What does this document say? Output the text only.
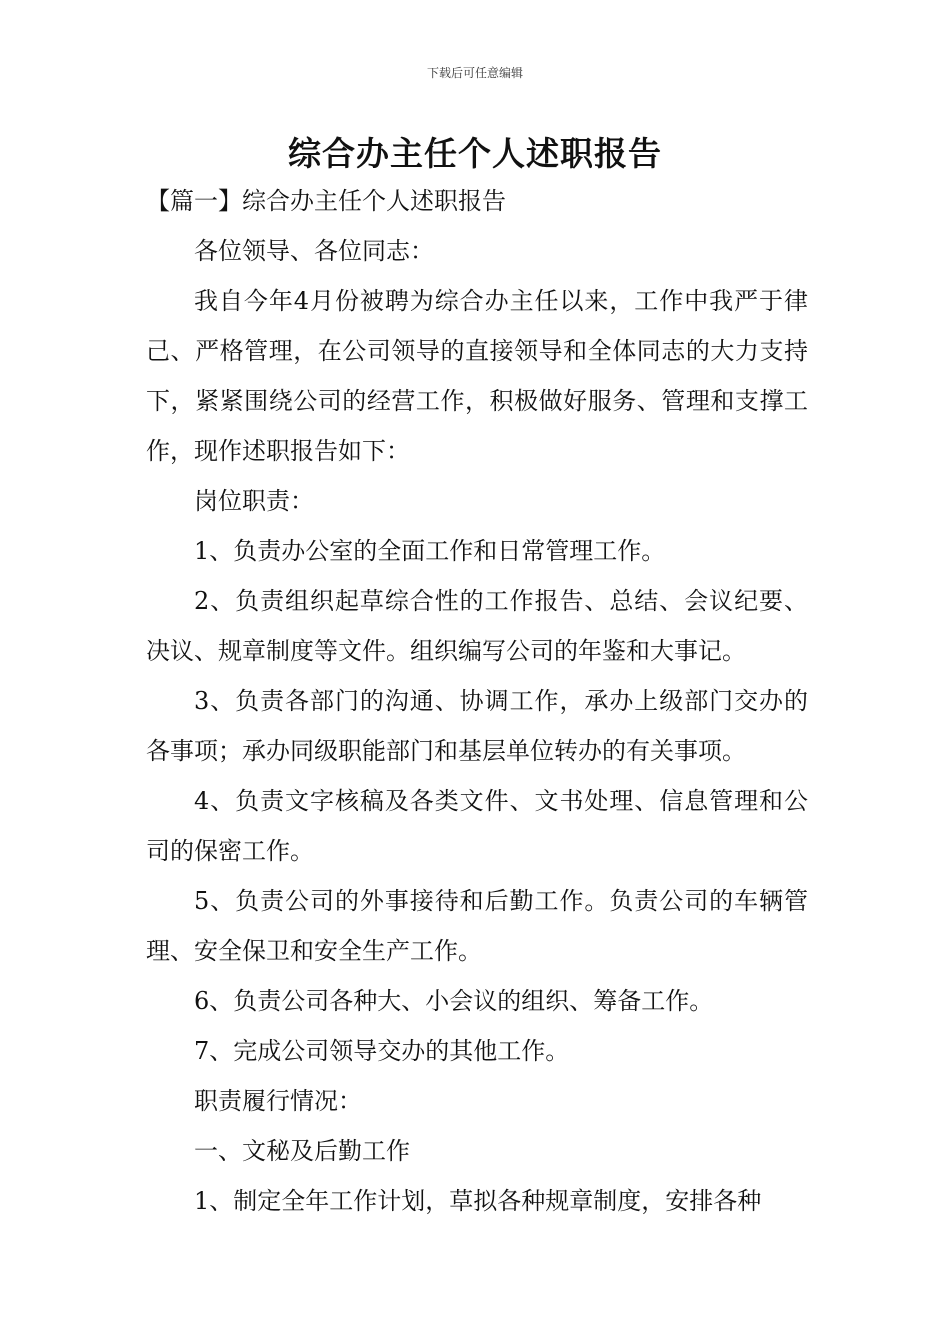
下载后可任意编辑
综合办主任个人述职报告
【篇一】综合办主任个人述职报告

各位领导、各位同志：

我自今年4月份被聘为综合办主任以来，工作中我严于律己、严格管理，在公司领导的直接领导和全体同志的大力支持下，紧紧围绕公司的经营工作，积极做好服务、管理和支撑工作，现作述职报告如下：

岗位职责：

1、负责办公室的全面工作和日常管理工作。

2、负责组织起草综合性的工作报告、总结、会议纪要、决议、规章制度等文件。组织编写公司的年鉴和大事记。

3、负责各部门的沟通、协调工作，承办上级部门交办的各事项；承办同级职能部门和基层单位转办的有关事项。

4、负责文字核稿及各类文件、文书处理、信息管理和公司的保密工作。

5、负责公司的外事接待和后勤工作。负责公司的车辆管理、安全保卫和安全生产工作。

6、负责公司各种大、小会议的组织、筹备工作。

7、完成公司领导交办的其他工作。

职责履行情况：

一、文秘及后勤工作

1、制定全年工作计划，草拟各种规章制度，安排各种
